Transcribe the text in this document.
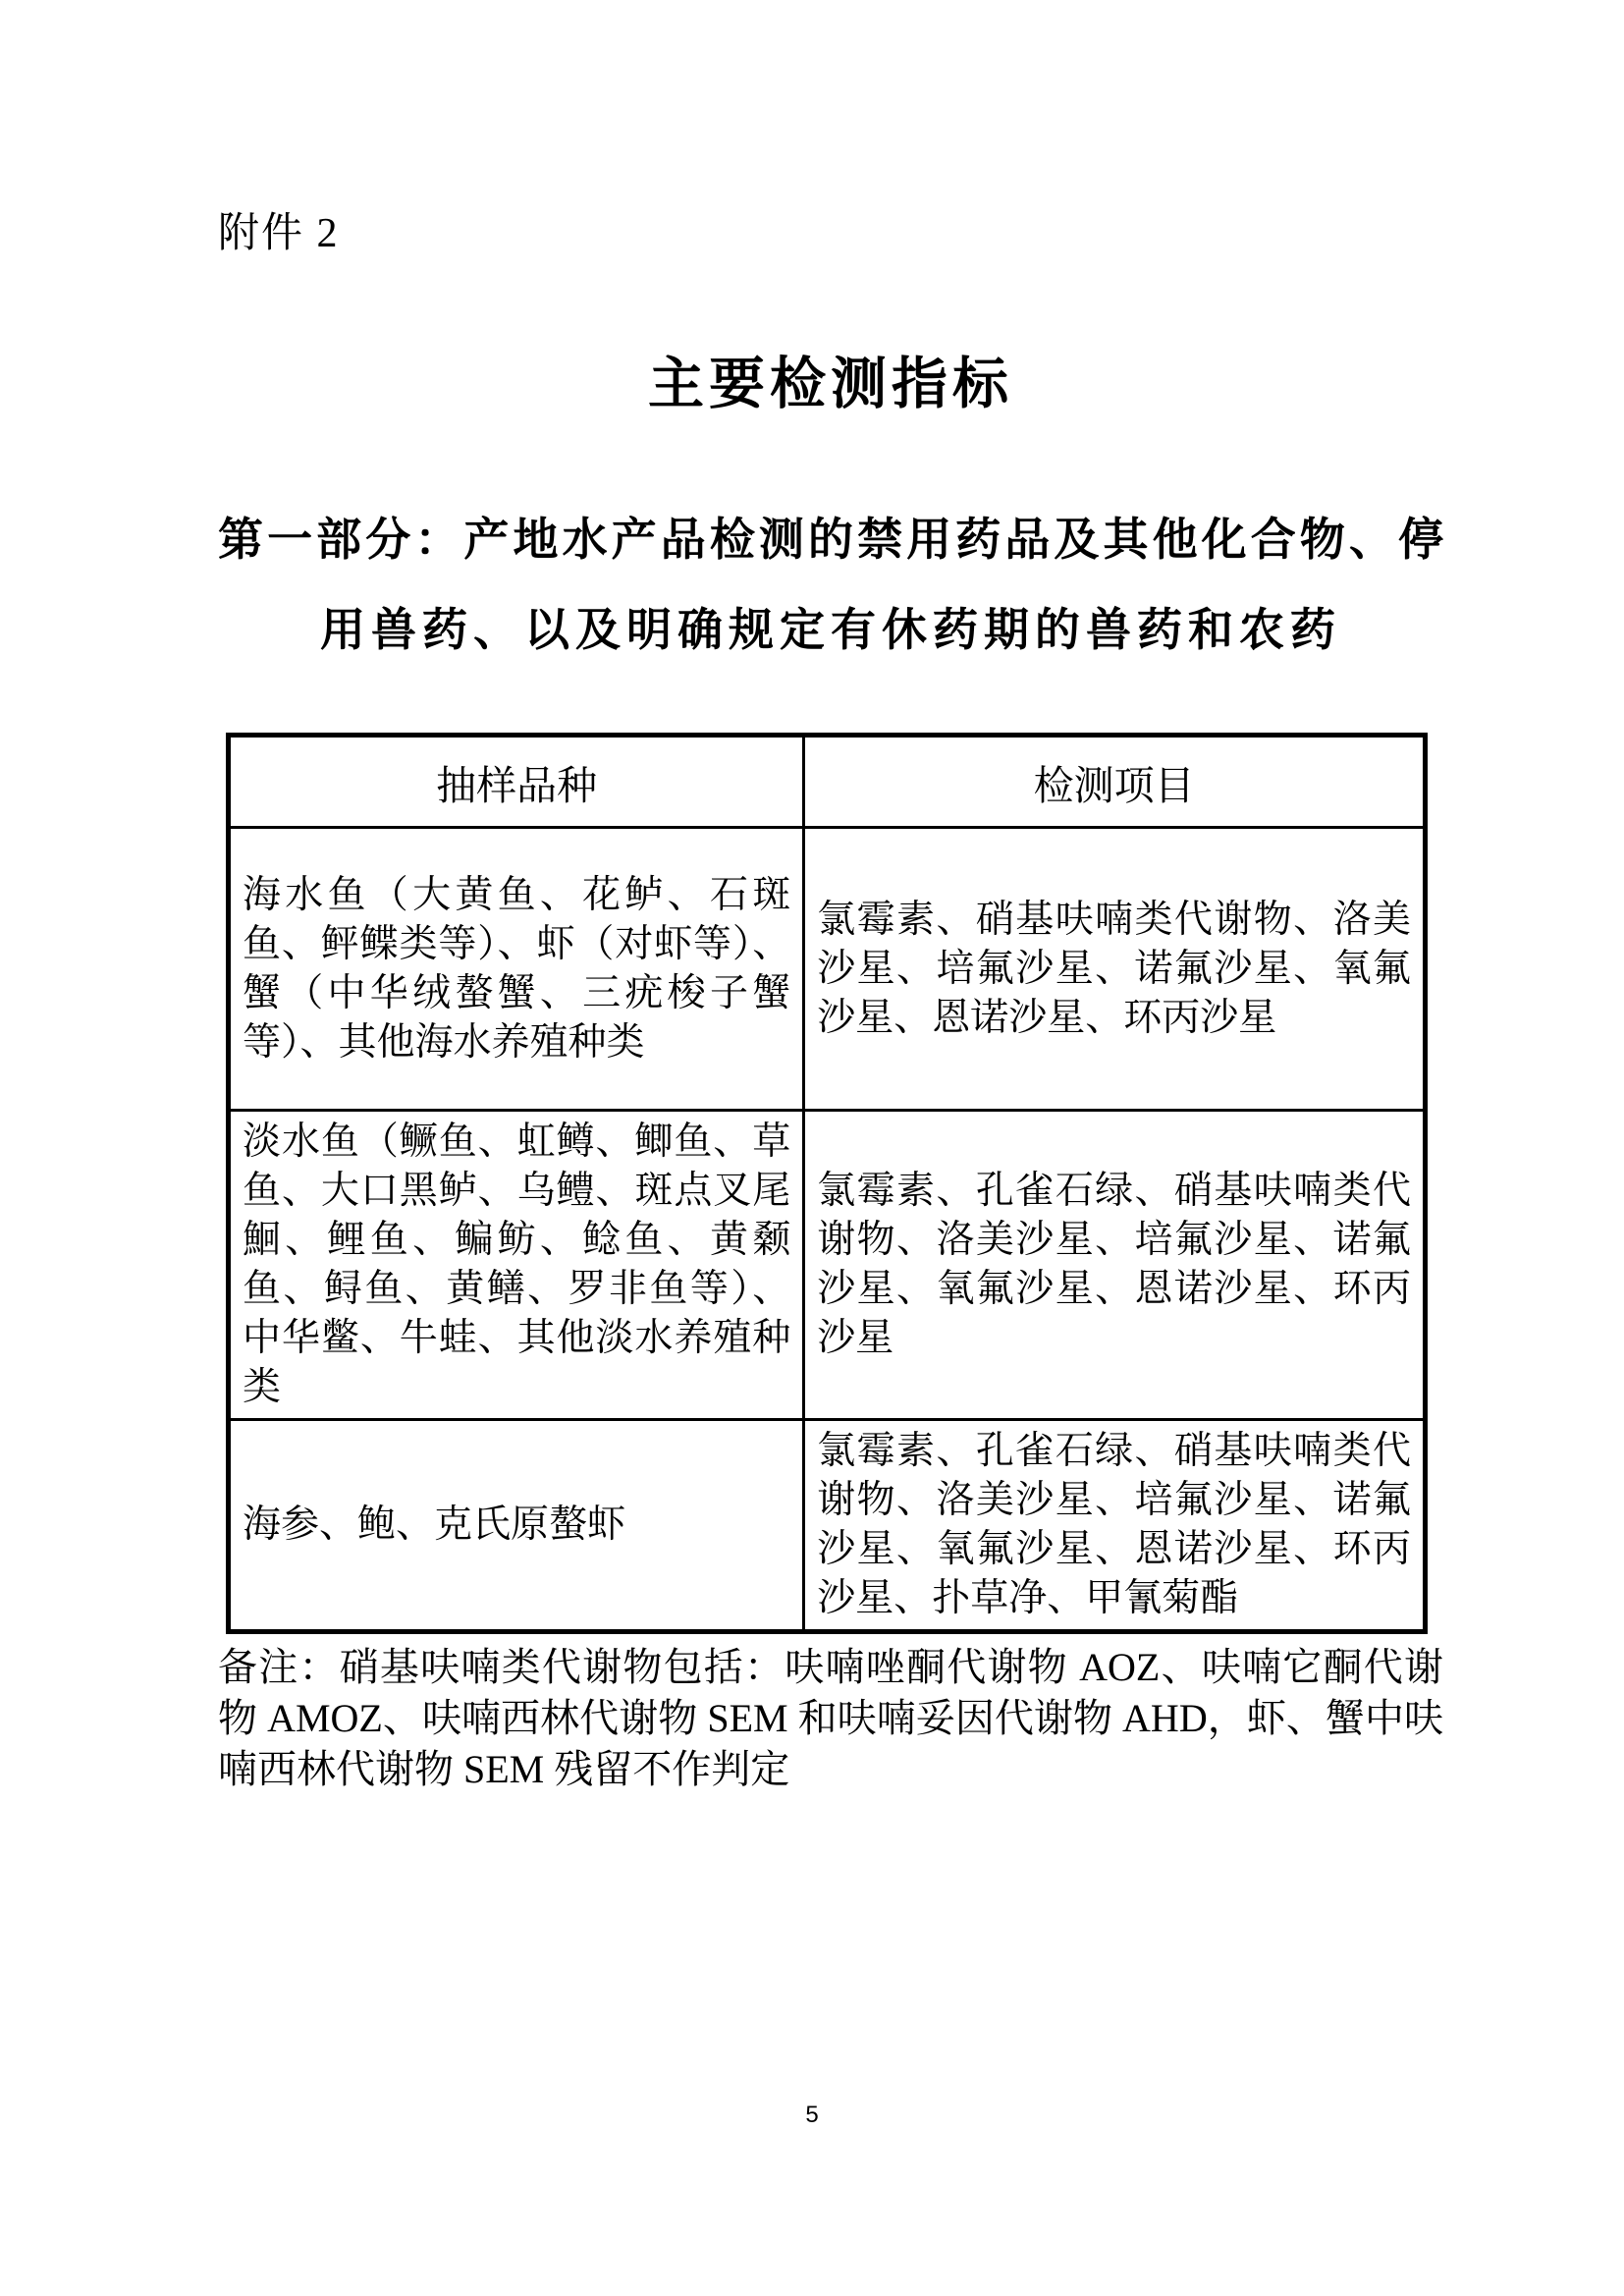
附件 2
主要检测指标
第一部分：产地水产品检测的禁用药品及其他化合物、停
用兽药、以及明确规定有休药期的兽药和农药
抽样品种	检测项目
海水鱼（大黄鱼、花鲈、石斑鱼、鲆鲽类等）、虾（对虾等）、蟹（中华绒螯蟹、三疣梭子蟹等）、其他海水养殖种类	氯霉素、硝基呋喃类代谢物、洛美沙星、培氟沙星、诺氟沙星、氧氟沙星、恩诺沙星、环丙沙星
淡水鱼（鳜鱼、虹鳟、鲫鱼、草鱼、大口黑鲈、乌鳢、斑点叉尾鮰、鲤鱼、鳊鲂、鲶鱼、黄颡鱼、鲟鱼、黄鳝、罗非鱼等）、中华鳖、牛蛙、其他淡水养殖种类	氯霉素、孔雀石绿、硝基呋喃类代谢物、洛美沙星、培氟沙星、诺氟沙星、氧氟沙星、恩诺沙星、环丙沙星
海参、鲍、克氏原螯虾	氯霉素、孔雀石绿、硝基呋喃类代谢物、洛美沙星、培氟沙星、诺氟沙星、氧氟沙星、恩诺沙星、环丙沙星、扑草净、甲氰菊酯
备注：硝基呋喃类代谢物包括：呋喃唑酮代谢物 AOZ、呋喃它酮代谢物 AMOZ、呋喃西林代谢物 SEM 和呋喃妥因代谢物 AHD，虾、蟹中呋喃西林代谢物 SEM 残留不作判定
5
